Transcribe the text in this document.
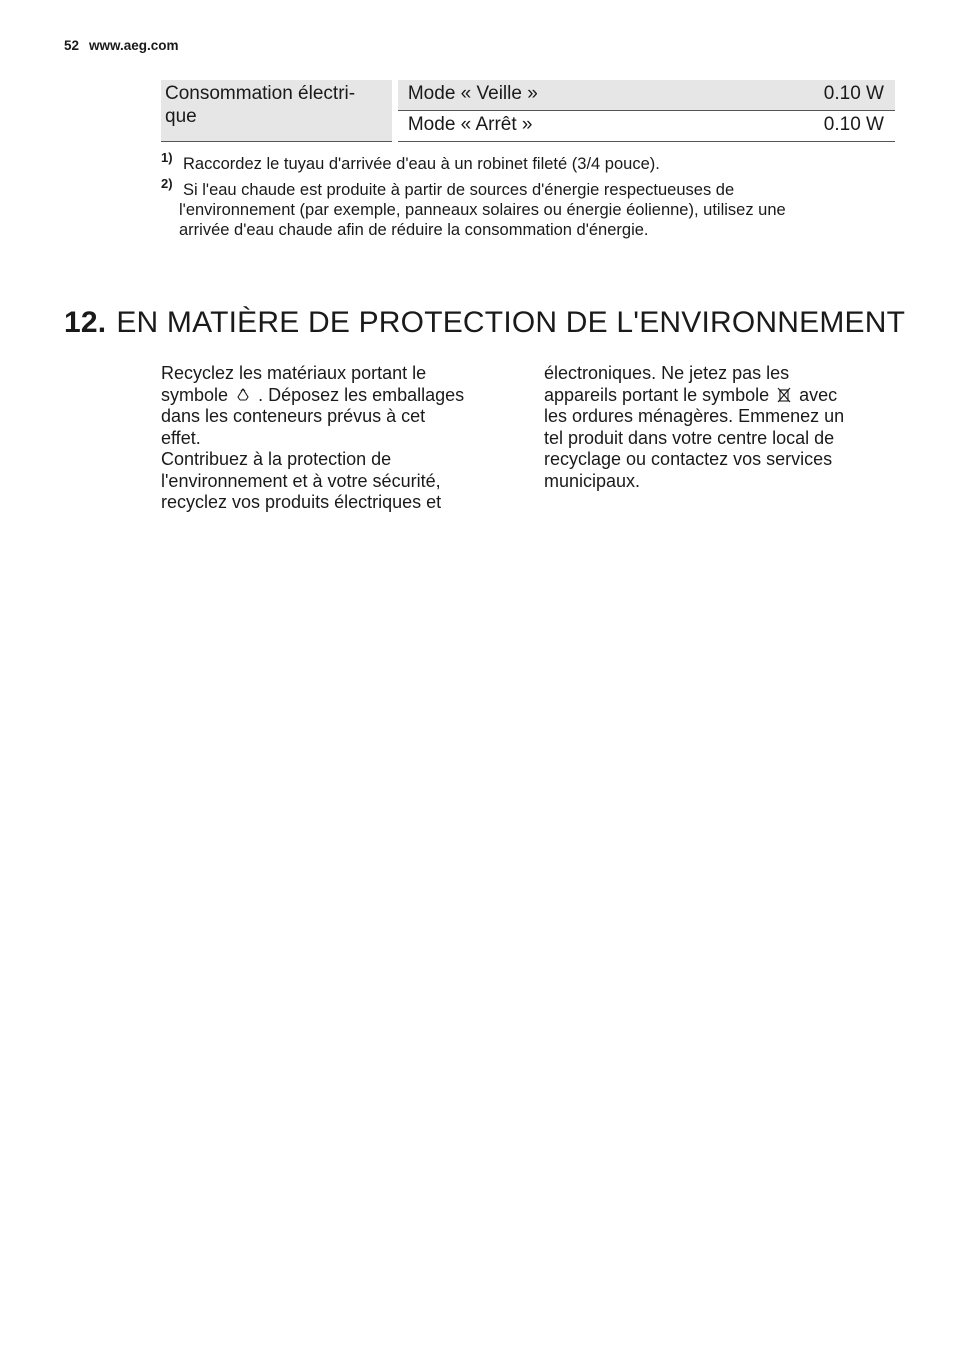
52 www.aeg.com
Consommation électri-
que	Mode « Veille »	0.10 W
	Mode « Arrêt »	0.10 W
1) Raccordez le tuyau d'arrivée d'eau à un robinet fileté (3/4 pouce).
2) Si l'eau chaude est produite à partir de sources d'énergie respectueuses de
l'environnement (par exemple, panneaux solaires ou énergie éolienne), utilisez une
arrivée d'eau chaude afin de réduire la consommation d'énergie.
12. EN MATIÈRE DE PROTECTION DE L'ENVIRONNEMENT

Recyclez les matériaux portant le
symbole . Déposez les emballages
dans les conteneurs prévus à cet
effet.
Contribuez à la protection de
l'environnement et à votre sécurité,
recyclez vos produits électriques et

électroniques. Ne jetez pas les
appareils portant le symbole avec
les ordures ménagères. Emmenez un
tel produit dans votre centre local de
recyclage ou contactez vos services
municipaux.
